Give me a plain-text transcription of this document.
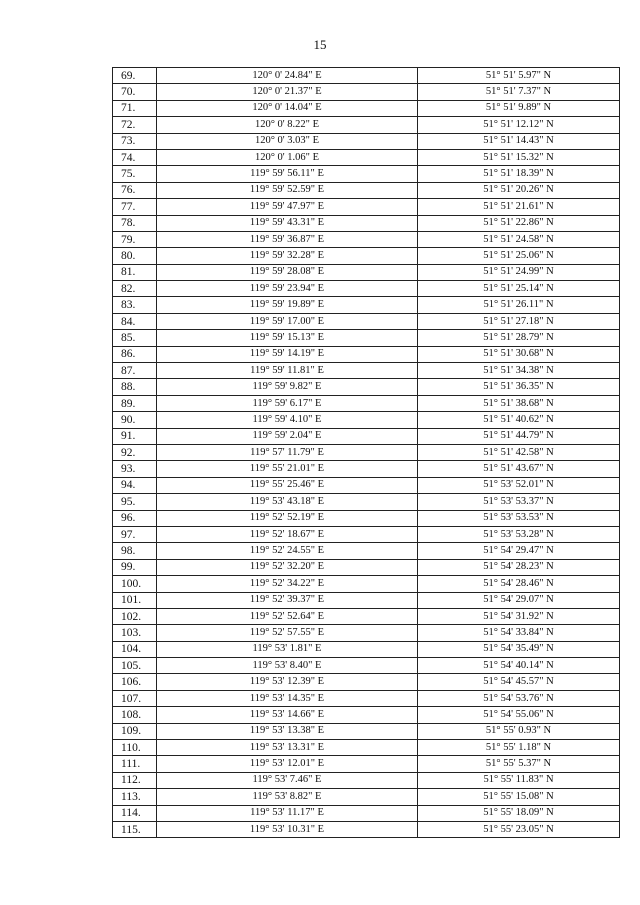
15
69.	120° 0' 24.84" E	51° 51' 5.97" N
70.	120° 0' 21.37" E	51° 51' 7.37" N
71.	120° 0' 14.04" E	51° 51' 9.89" N
72.	120° 0' 8.22" E	51° 51' 12.12" N
73.	120° 0' 3.03" E	51° 51' 14.43" N
74.	120° 0' 1.06" E	51° 51' 15.32" N
75.	119° 59' 56.11" E	51° 51' 18.39" N
76.	119° 59' 52.59" E	51° 51' 20.26" N
77.	119° 59' 47.97" E	51° 51' 21.61" N
78.	119° 59' 43.31" E	51° 51' 22.86" N
79.	119° 59' 36.87" E	51° 51' 24.58" N
80.	119° 59' 32.28" E	51° 51' 25.06" N
81.	119° 59' 28.08" E	51° 51' 24.99" N
82.	119° 59' 23.94" E	51° 51' 25.14" N
83.	119° 59' 19.89" E	51° 51' 26.11" N
84.	119° 59' 17.00" E	51° 51' 27.18" N
85.	119° 59' 15.13" E	51° 51' 28.79" N
86.	119° 59' 14.19" E	51° 51' 30.68" N
87.	119° 59' 11.81" E	51° 51' 34.38" N
88.	119° 59' 9.82" E	51° 51' 36.35" N
89.	119° 59' 6.17" E	51° 51' 38.68" N
90.	119° 59' 4.10" E	51° 51' 40.62" N
91.	119° 59' 2.04" E	51° 51' 44.79" N
92.	119° 57' 11.79" E	51° 51' 42.58" N
93.	119° 55' 21.01" E	51° 51' 43.67" N
94.	119° 55' 25.46" E	51° 53' 52.01" N
95.	119° 53' 43.18" E	51° 53' 53.37" N
96.	119° 52' 52.19" E	51° 53' 53.53" N
97.	119° 52' 18.67" E	51° 53' 53.28" N
98.	119° 52' 24.55" E	51° 54' 29.47" N
99.	119° 52' 32.20" E	51° 54' 28.23" N
100.	119° 52' 34.22" E	51° 54' 28.46" N
101.	119° 52' 39.37" E	51° 54' 29.07" N
102.	119° 52' 52.64" E	51° 54' 31.92" N
103.	119° 52' 57.55" E	51° 54' 33.84" N
104.	119° 53' 1.81" E	51° 54' 35.49" N
105.	119° 53' 8.40" E	51° 54' 40.14" N
106.	119° 53' 12.39" E	51° 54' 45.57" N
107.	119° 53' 14.35" E	51° 54' 53.76" N
108.	119° 53' 14.66" E	51° 54' 55.06" N
109.	119° 53' 13.38" E	51° 55' 0.93" N
110.	119° 53' 13.31" E	51° 55' 1.18" N
111.	119° 53' 12.01" E	51° 55' 5.37" N
112.	119° 53' 7.46" E	51° 55' 11.83" N
113.	119° 53' 8.82" E	51° 55' 15.08" N
114.	119° 53' 11.17" E	51° 55' 18.09" N
115.	119° 53' 10.31" E	51° 55' 23.05" N
